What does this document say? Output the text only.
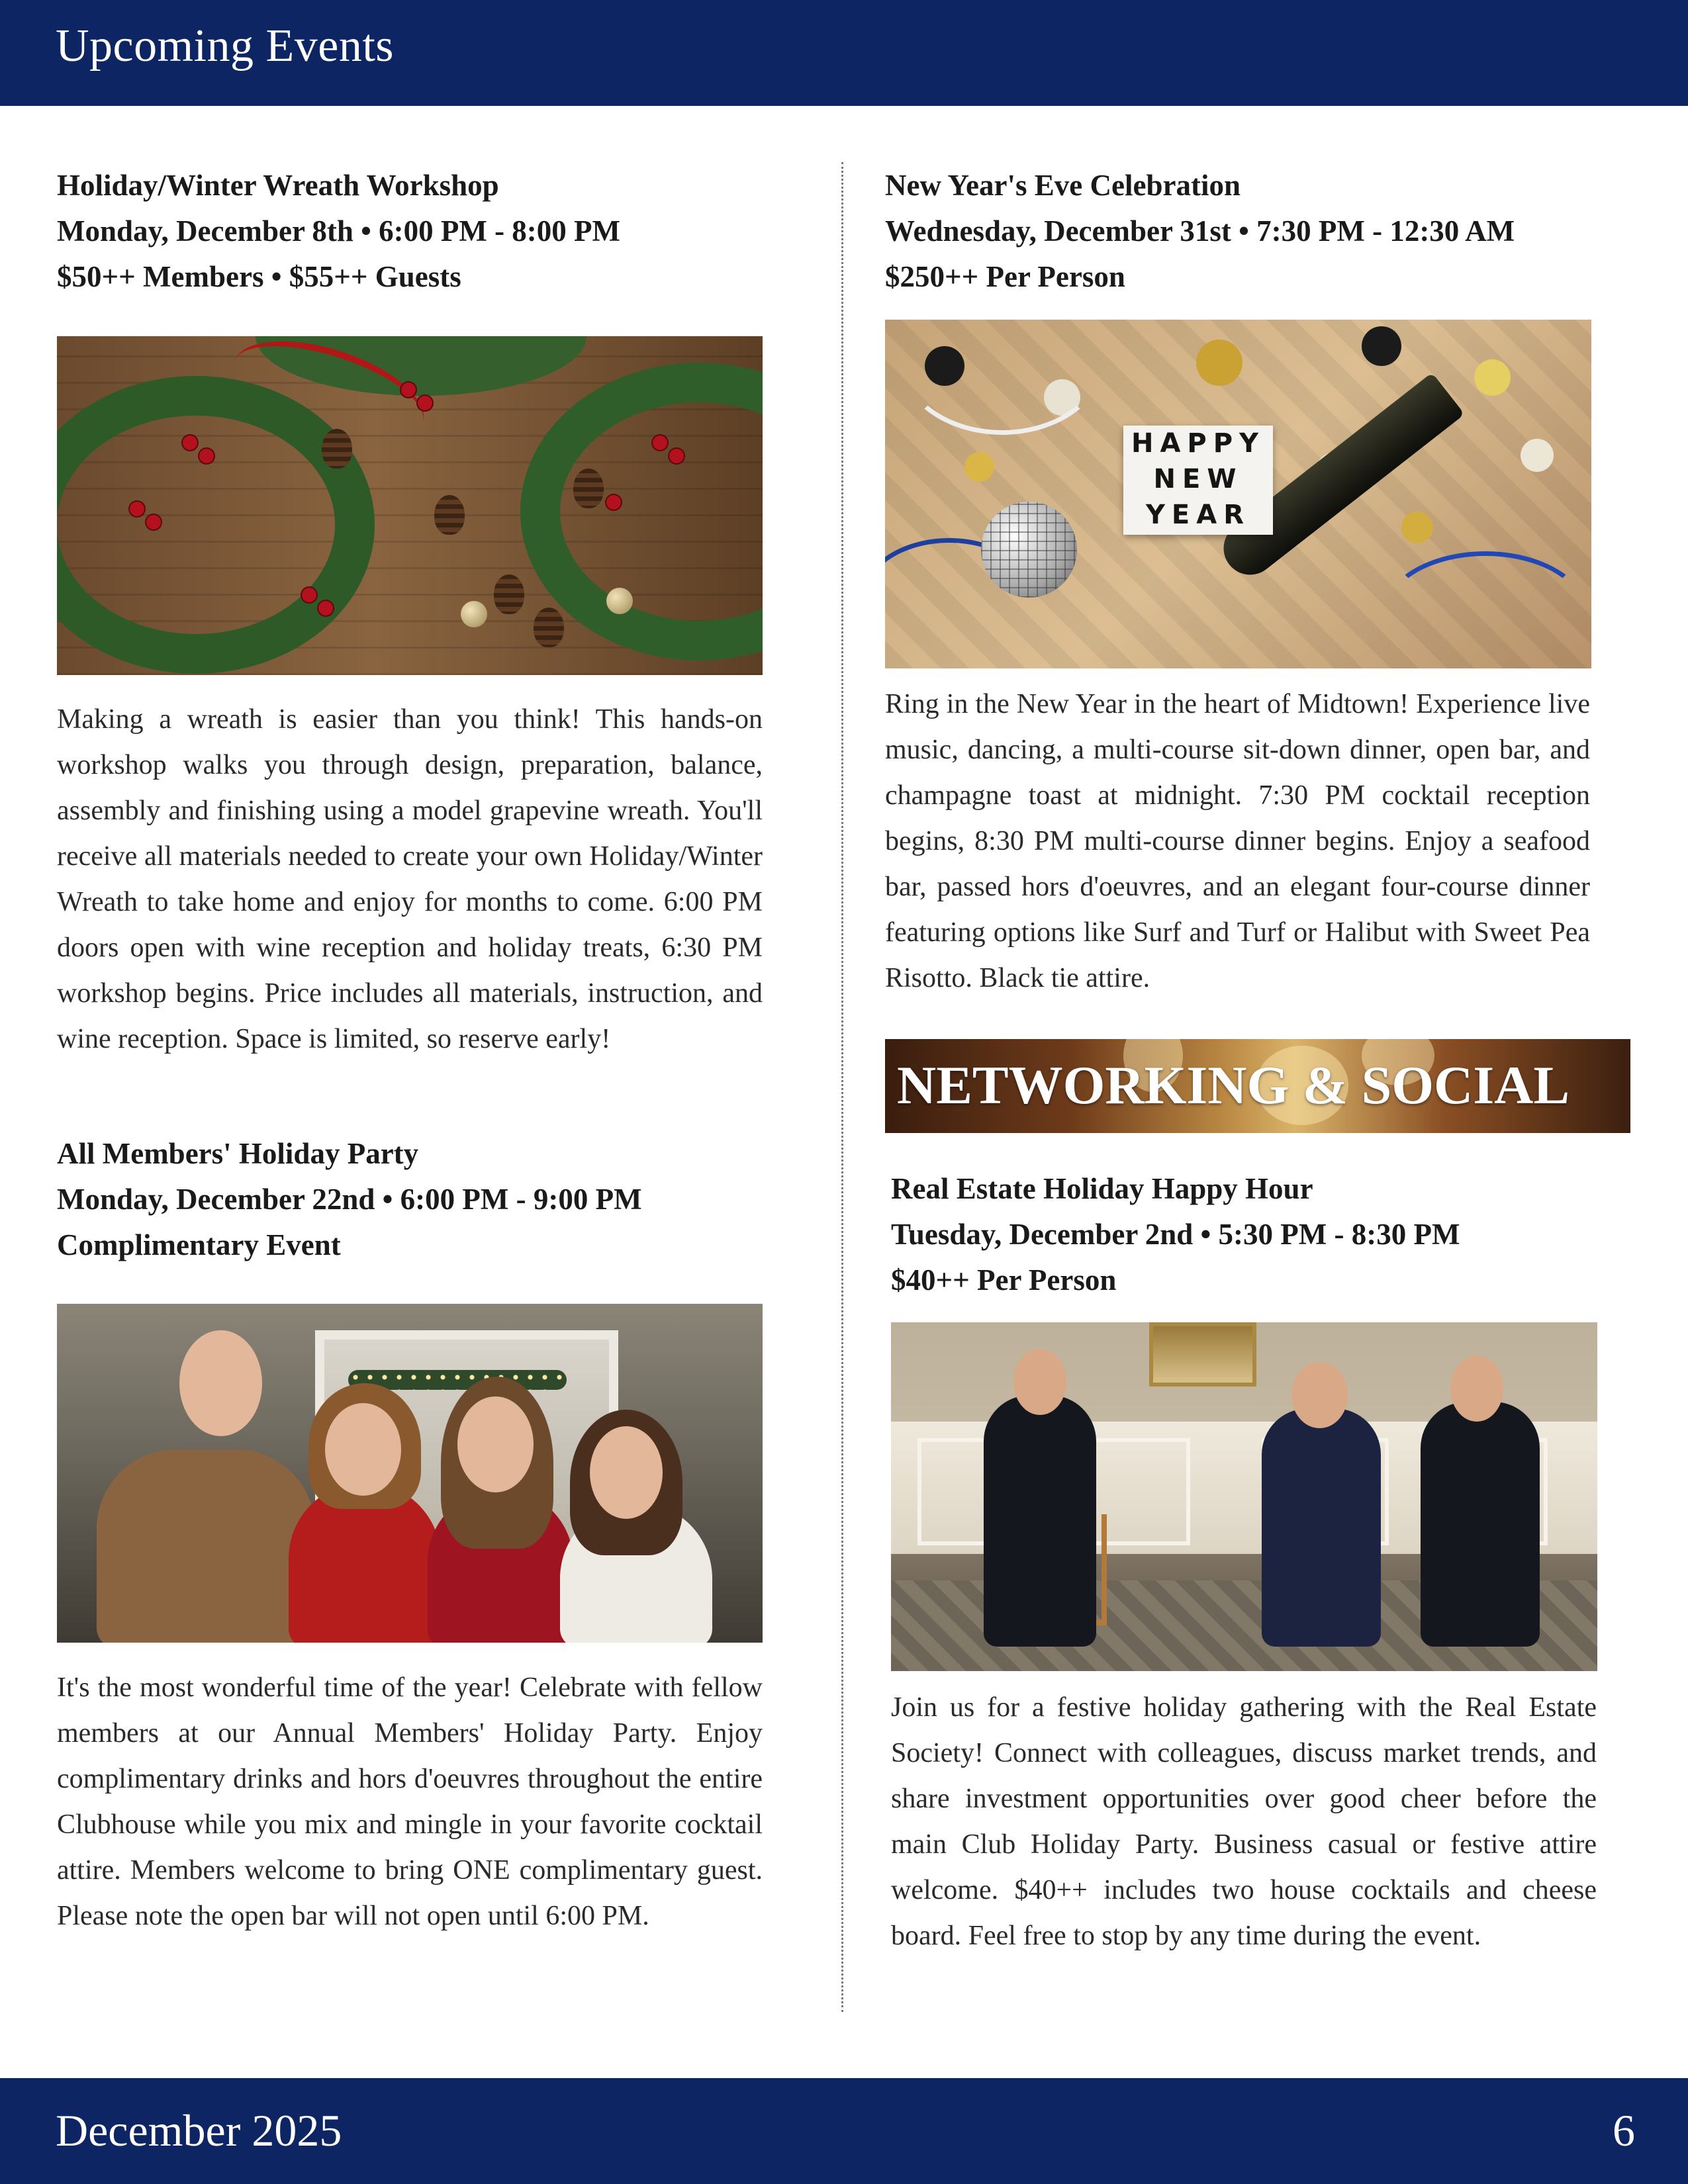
Upcoming Events
Holiday/Winter Wreath Workshop
Monday, December 8th • 6:00 PM - 8:00 PM
$50++ Members • $55++ Guests
Making a wreath is easier than you think! This hands-on workshop walks you through design, preparation, balance, assembly and finishing using a model grapevine wreath. You'll receive all materials needed to create your own Holiday/Winter Wreath to take home and enjoy for months to come. 6:00 PM doors open with wine reception and holiday treats, 6:30 PM workshop begins. Price includes all materials, instruction, and wine reception. Space is limited, so reserve early!
All Members' Holiday Party
Monday, December 22nd • 6:00 PM - 9:00 PM
Complimentary Event
It's the most wonderful time of the year! Celebrate with fellow members at our Annual Members' Holiday Party. Enjoy complimentary drinks and hors d'oeuvres throughout the entire Clubhouse while you mix and mingle in your favorite cocktail attire. Members welcome to bring ONE complimentary guest. Please note the open bar will not open until 6:00 PM.
New Year's Eve Celebration
Wednesday, December 31st • 7:30 PM - 12:30 AM
$250++ Per Person
HAPPY
NEW
YEAR
Ring in the New Year in the heart of Midtown! Experience live music, dancing, a multi-course sit-down dinner, open bar, and champagne toast at midnight. 7:30 PM cocktail reception begins, 8:30 PM multi-course dinner begins. Enjoy a seafood bar, passed hors d'oeuvres, and an elegant four-course dinner featuring options like Surf and Turf or Halibut with Sweet Pea Risotto. Black tie attire.
NETWORKING & SOCIAL
Real Estate Holiday Happy Hour
Tuesday, December 2nd • 5:30 PM - 8:30 PM
$40++ Per Person
Join us for a festive holiday gathering with the Real Estate Society! Connect with colleagues, discuss market trends, and share investment opportunities over good cheer before the main Club Holiday Party. Business casual or festive attire welcome. $40++ includes two house cocktails and cheese board. Feel free to stop by any time during the event.
December 2025	6
